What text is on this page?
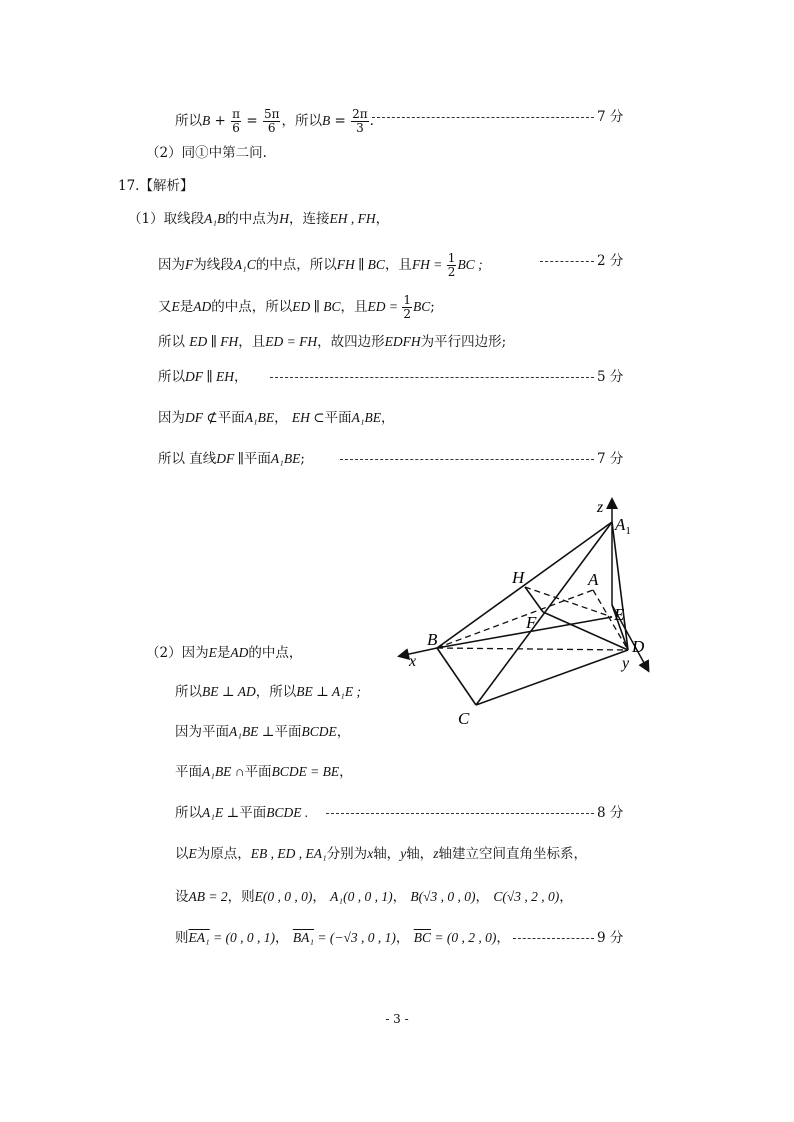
所以$B + \frac{\pi}{6} = \frac{5\pi}{6}$ ，所以$B = \frac{2\pi}{3}$ .	7 分
（2）同①中第二问.
17.【解析】
（1）取线段A₁B的中点为H，连接EH , FH，
因为F为线段A₁C的中点，所以FH ∥ BC，且FH = $\frac{1}{2}$ BC ;	2 分
又E是AD的中点，所以ED ∥ BC，且ED = $\frac{1}{2}$ BC;
所以 ED ∥ FH，且ED = FH，故四边形EDFH为平行四边形;
所以DF ∥ EH，	5 分
因为DF ⊄平面A₁BE， EH ⊂平面A₁BE，
所以 直线DF ∥平面A₁BE;	7 分
z
$A_1$
H	A
E
F
B	D
x	y
C
（2）因为E是AD的中点，
所以BE ⊥ AD，所以BE ⊥ A₁E ;
因为平面A₁BE ⊥平面BCDE，
平面A₁BE ∩平面BCDE = BE，
所以A₁E ⊥平面BCDE .	8 分
以E为原点，EB , ED , EA₁分别为x轴，y轴，z轴建立空间直角坐标系，
设AB = 2，则E(0 , 0 , 0)， A₁(0 , 0 , 1)， B(√3 , 0 , 0)， C(√3 , 2 , 0)，
则EA₁ = (0 , 0 , 1)， BA₁ = (−√3 , 0 , 1)， $\overline{BC} = (0$ , 2 , 0)，	9 分
- 3 -
